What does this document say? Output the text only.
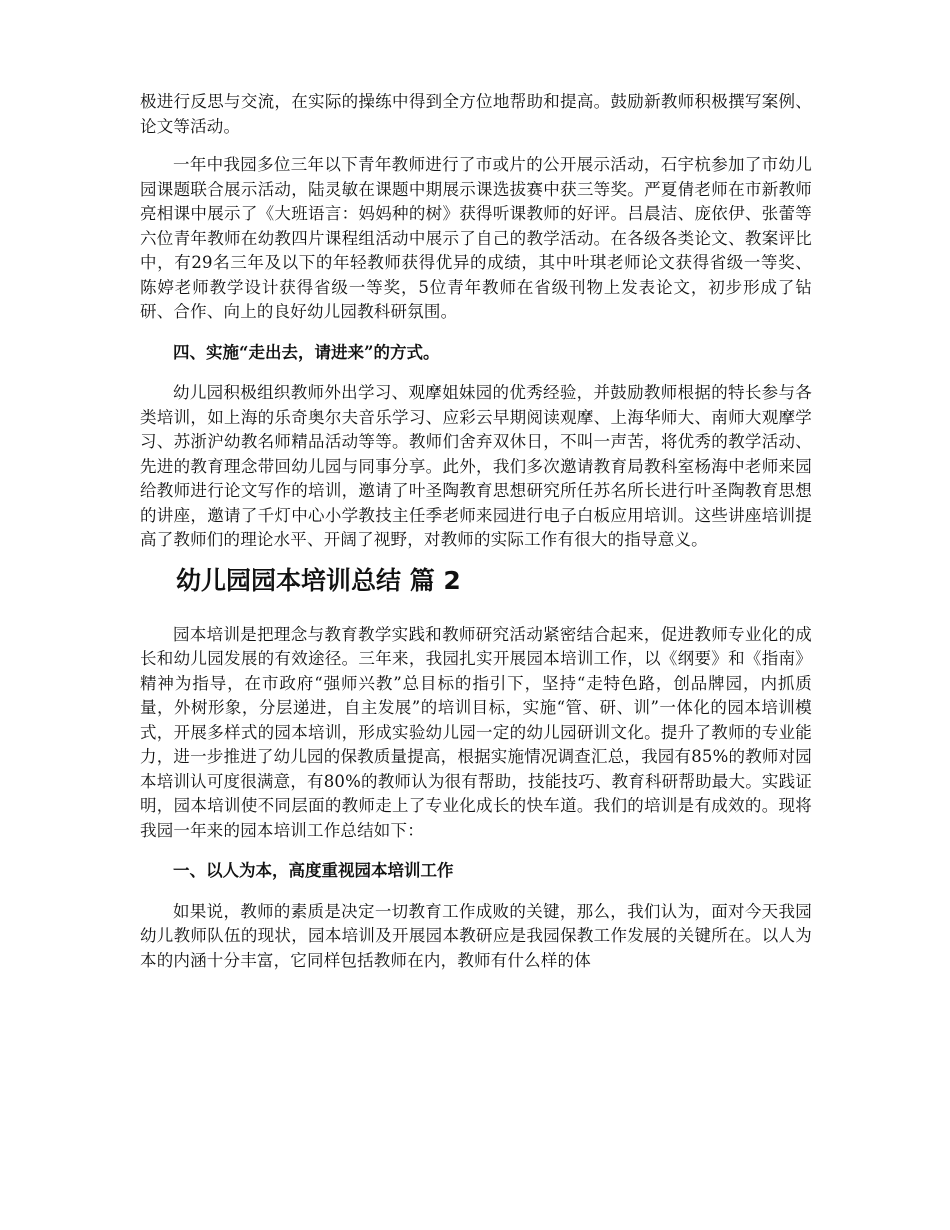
极进行反思与交流，在实际的操练中得到全方位地帮助和提高。鼓励新教师积极撰写案例、论文等活动。

一年中我园多位三年以下青年教师进行了市或片的公开展示活动，石宇杭参加了市幼儿园课题联合展示活动，陆灵敏在课题中期展示课选拔赛中获三等奖。严夏倩老师在市新教师亮相课中展示了《大班语言：妈妈种的树》获得听课教师的好评。吕晨洁、庞依伊、张蕾等六位青年教师在幼教四片课程组活动中展示了自己的教学活动。在各级各类论文、教案评比中，有29名三年及以下的年轻教师获得优异的成绩，其中叶琪老师论文获得省级一等奖、陈婷老师教学设计获得省级一等奖，5位青年教师在省级刊物上发表论文，初步形成了钻研、合作、向上的良好幼儿园教科研氛围。

四、实施“走出去，请进来”的方式。

幼儿园积极组织教师外出学习、观摩姐妹园的优秀经验，并鼓励教师根据的特长参与各类培训，如上海的乐奇奥尔夫音乐学习、应彩云早期阅读观摩、上海华师大、南师大观摩学习、苏浙沪幼教名师精品活动等等。教师们舍弃双休日，不叫一声苦，将优秀的教学活动、先进的教育理念带回幼儿园与同事分享。此外，我们多次邀请教育局教科室杨海中老师来园给教师进行论文写作的培训，邀请了叶圣陶教育思想研究所任苏名所长进行叶圣陶教育思想的讲座，邀请了千灯中心小学教技主任季老师来园进行电子白板应用培训。这些讲座培训提高了教师们的理论水平、开阔了视野，对教师的实际工作有很大的指导意义。

幼儿园园本培训总结 篇 2

园本培训是把理念与教育教学实践和教师研究活动紧密结合起来，促进教师专业化的成长和幼儿园发展的有效途径。三年来，我园扎实开展园本培训工作，以《纲要》和《指南》精神为指导，在市政府“强师兴教”总目标的指引下，坚持“走特色路，创品牌园，内抓质量，外树形象，分层递进，自主发展”的培训目标，实施“管、研、训”一体化的园本培训模式，开展多样式的园本培训，形成实验幼儿园一定的幼儿园研训文化。提升了教师的专业能力，进一步推进了幼儿园的保教质量提高，根据实施情况调查汇总，我园有85%的教师对园本培训认可度很满意，有80%的教师认为很有帮助，技能技巧、教育科研帮助最大。实践证明，园本培训使不同层面的教师走上了专业化成长的快车道。我们的培训是有成效的。现将我园一年来的园本培训工作总结如下：

一、以人为本，高度重视园本培训工作

如果说，教师的素质是决定一切教育工作成败的关键，那么，我们认为，面对今天我园幼儿教师队伍的现状，园本培训及开展园本教研应是我园保教工作发展的关键所在。以人为本的内涵十分丰富，它同样包括教师在内，教师有什么样的体
